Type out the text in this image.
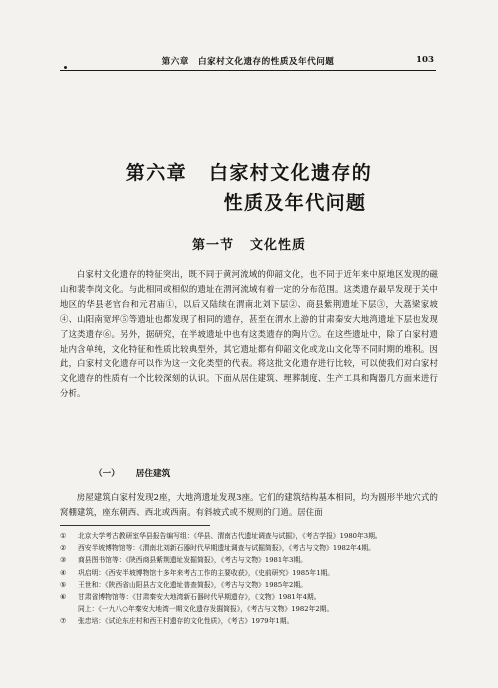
第六章　白家村文化遗存的性质及年代问题	103
第六章 白家村文化遗存的
性质及年代问题
第一节 文化性质
白家村文化遗存的特征突出，既不同于黄河流域的仰韶文化，也不同于近年来中原地区发现的磁山和裴李岗文化。与此相同或相似的遗址在渭河流域有着一定的分布范围。这类遗存最早发现于关中地区的华县老官台和元君庙①，以后又陆续在渭南北刘下层②、商县紫荆遗址下层③，大荔梁家坡④、山阳南宽坪⑤等遗址也都发现了相同的遗存，甚至在渭水上游的甘肃秦安大地湾遗址下层也发现了这类遗存⑥。另外，据研究，在半坡遗址中也有这类遗存的陶片⑦。在这些遗址中，除了白家村遗址内含单纯，文化特征和性质比较典型外，其它遗址都有仰韶文化或龙山文化等不同时期的堆积。因此，白家村文化遗存可以作为这一文化类型的代表。将这批文化遗存进行比较，可以使我们对白家村文化遗存的性质有一个比较深刻的认识。下面从居住建筑、埋葬制度、生产工具和陶器几方面来进行分析。
（一） 居住建筑
房屋建筑白家村发现2座，大地湾遗址发现3座。它们的建筑结构基本相同，均为圆形半地穴式的窝棚建筑，座东朝西、西北或西南。有斜坡式或不规则的门道。居住面
① 北京大学考古教研室华县报告编写组：《华县、渭南古代遗址调查与试掘》，《考古学报》1980年3期。
② 西安半坡博物馆等：《渭南北刘新石器时代早期遗址调查与试掘简报》，《考古与文物》1982年4期。
③ 商县图书馆等：《陕西商县紫荆遗址发掘简报》，《考古与文物》1981年3期。
④ 巩启明：《西安半坡博物馆十多年来考古工作的主要收获》，《史前研究》1985年1期。
⑤ 王世和：《陕西省山阳县古文化遗址普查简报》，《考古与文物》1985年2期。
⑥ 甘肃省博物馆等：《甘肃秦安大地湾新石器时代早期遗存》，《文物》1981年4期。
同上：《一九八○年秦安大地湾一期文化遗存发掘简报》，《考古与文物》1982年2期。
⑦ 张忠培：《试论东庄村和西王村遗存的文化性质》，《考古》1979年1期。
